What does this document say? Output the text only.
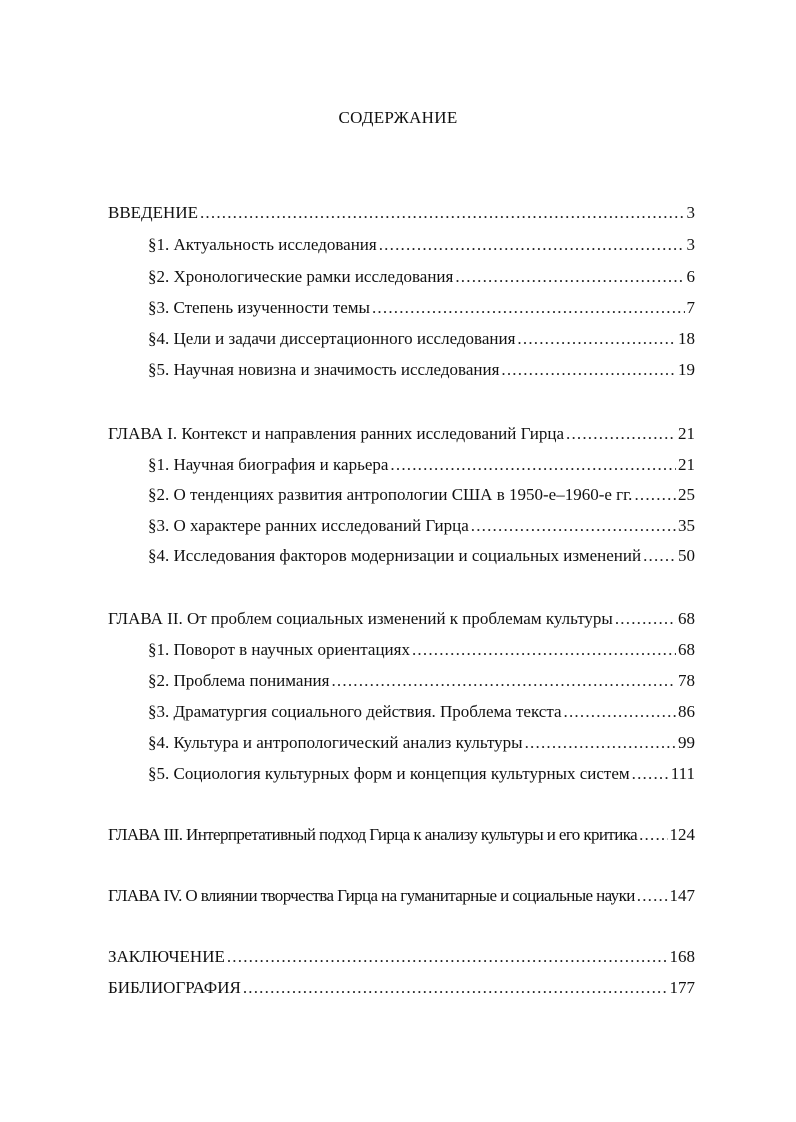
СОДЕРЖАНИЕ
ВВЕДЕНИЕ .....	3
§1. Актуальность исследования .....	3
§2. Хронологические рамки исследования .....	6
§3. Степень изученности темы .....	7
§4. Цели и задачи диссертационного исследования .....	18
§5. Научная новизна и значимость исследования .....	19
ГЛАВА I. Контекст и направления ранних исследований Гирца .....	21
§1. Научная биография и карьера .....	21
§2. О тенденциях развития антропологии США в 1950-е–1960-е гг. .....	25
§3. О характере ранних исследований Гирца .....	35
§4. Исследования факторов модернизации и социальных изменений ..... 50
ГЛАВА II. От проблем социальных изменений к проблемам культуры .....	68
§1. Поворот в научных ориентациях .....	68
§2. Проблема понимания .....	78
§3. Драматургия социального действия. Проблема текста .....	86
§4. Культура и антропологический анализ культуры .....	99
§5. Социология культурных форм и концепция культурных систем ..... 111
ГЛАВА III. Интерпретативный подход Гирца к анализу культуры и его критика ..... 124
ГЛАВА IV. О влиянии творчества Гирца на гуманитарные и социальные науки ..... 147
ЗАКЛЮЧЕНИЕ .....	168
БИБЛИОГРАФИЯ .....	177
